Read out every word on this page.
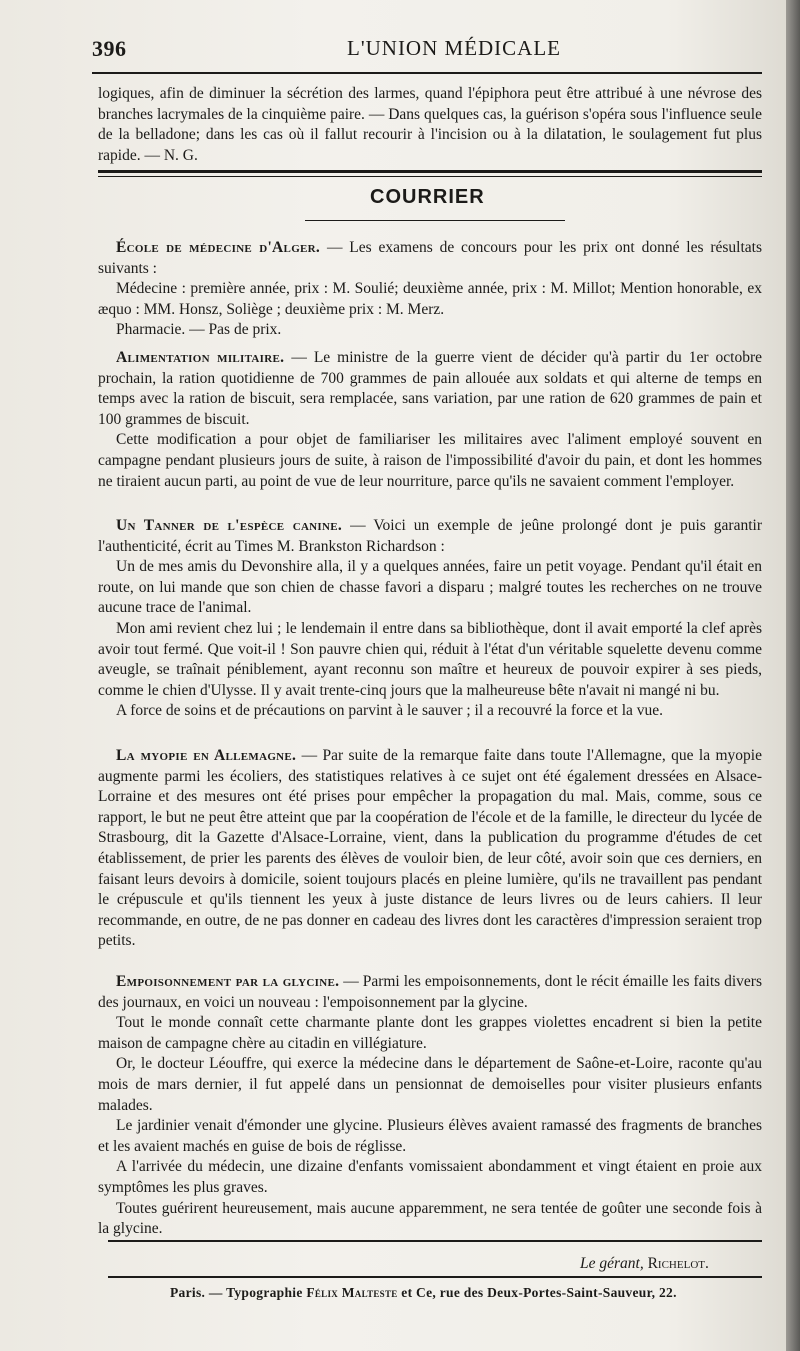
396	L'UNION MÉDICALE

logiques, afin de diminuer la sécrétion des larmes, quand l'épiphora peut être attribué à une névrose des branches lacrymales de la cinquième paire. — Dans quelques cas, la guérison s'opéra sous l'influence seule de la belladone; dans les cas où il fallut recourir à l'incision ou à la dilatation, le soulagement fut plus rapide. — N. G.

COURRIER

École de médecine d'Alger. — Les examens de concours pour les prix ont donné les résultats suivants :

Médecine : première année, prix : M. Soulié; deuxième année, prix : M. Millot; Mention honorable, ex æquo : MM. Honsz, Soliège ; deuxième prix : M. Merz.

Pharmacie. — Pas de prix.

Alimentation militaire. — Le ministre de la guerre vient de décider qu'à partir du 1er octobre prochain, la ration quotidienne de 700 grammes de pain allouée aux soldats et qui alterne de temps en temps avec la ration de biscuit, sera remplacée, sans variation, par une ration de 620 grammes de pain et 100 grammes de biscuit.

Cette modification a pour objet de familiariser les militaires avec l'aliment employé souvent en campagne pendant plusieurs jours de suite, à raison de l'impossibilité d'avoir du pain, et dont les hommes ne tiraient aucun parti, au point de vue de leur nourriture, parce qu'ils ne savaient comment l'employer.

Un Tanner de l'espèce canine. — Voici un exemple de jeûne prolongé dont je puis garantir l'authenticité, écrit au Times M. Brankston Richardson :

Un de mes amis du Devonshire alla, il y a quelques années, faire un petit voyage. Pendant qu'il était en route, on lui mande que son chien de chasse favori a disparu ; malgré toutes les recherches on ne trouve aucune trace de l'animal.

Mon ami revient chez lui ; le lendemain il entre dans sa bibliothèque, dont il avait emporté la clef après avoir tout fermé. Que voit-il ! Son pauvre chien qui, réduit à l'état d'un véritable squelette devenu comme aveugle, se traînait péniblement, ayant reconnu son maître et heureux de pouvoir expirer à ses pieds, comme le chien d'Ulysse. Il y avait trente-cinq jours que la malheureuse bête n'avait ni mangé ni bu.

A force de soins et de précautions on parvint à le sauver ; il a recouvré la force et la vue.

La myopie en Allemagne. — Par suite de la remarque faite dans toute l'Allemagne, que la myopie augmente parmi les écoliers, des statistiques relatives à ce sujet ont été également dressées en Alsace-Lorraine et des mesures ont été prises pour empêcher la propagation du mal. Mais, comme, sous ce rapport, le but ne peut être atteint que par la coopération de l'école et de la famille, le directeur du lycée de Strasbourg, dit la Gazette d'Alsace-Lorraine, vient, dans la publication du programme d'études de cet établissement, de prier les parents des élèves de vouloir bien, de leur côté, avoir soin que ces derniers, en faisant leurs devoirs à domicile, soient toujours placés en pleine lumière, qu'ils ne travaillent pas pendant le crépuscule et qu'ils tiennent les yeux à juste distance de leurs livres ou de leurs cahiers. Il leur recommande, en outre, de ne pas donner en cadeau des livres dont les caractères d'impression seraient trop petits.

Empoisonnement par la glycine. — Parmi les empoisonnements, dont le récit émaille les faits divers des journaux, en voici un nouveau : l'empoisonnement par la glycine.

Tout le monde connaît cette charmante plante dont les grappes violettes encadrent si bien la petite maison de campagne chère au citadin en villégiature.

Or, le docteur Léouffre, qui exerce la médecine dans le département de Saône-et-Loire, raconte qu'au mois de mars dernier, il fut appelé dans un pensionnat de demoiselles pour visiter plusieurs enfants malades.

Le jardinier venait d'émonder une glycine. Plusieurs élèves avaient ramassé des fragments de branches et les avaient machés en guise de bois de réglisse.

A l'arrivée du médecin, une dizaine d'enfants vomissaient abondamment et vingt étaient en proie aux symptômes les plus graves.

Toutes guérirent heureusement, mais aucune apparemment, ne sera tentée de goûter une seconde fois à la glycine.

Le gérant, Richelot.
Paris. — Typographie Félix Malteste et Ce, rue des Deux-Portes-Saint-Sauveur, 22.
